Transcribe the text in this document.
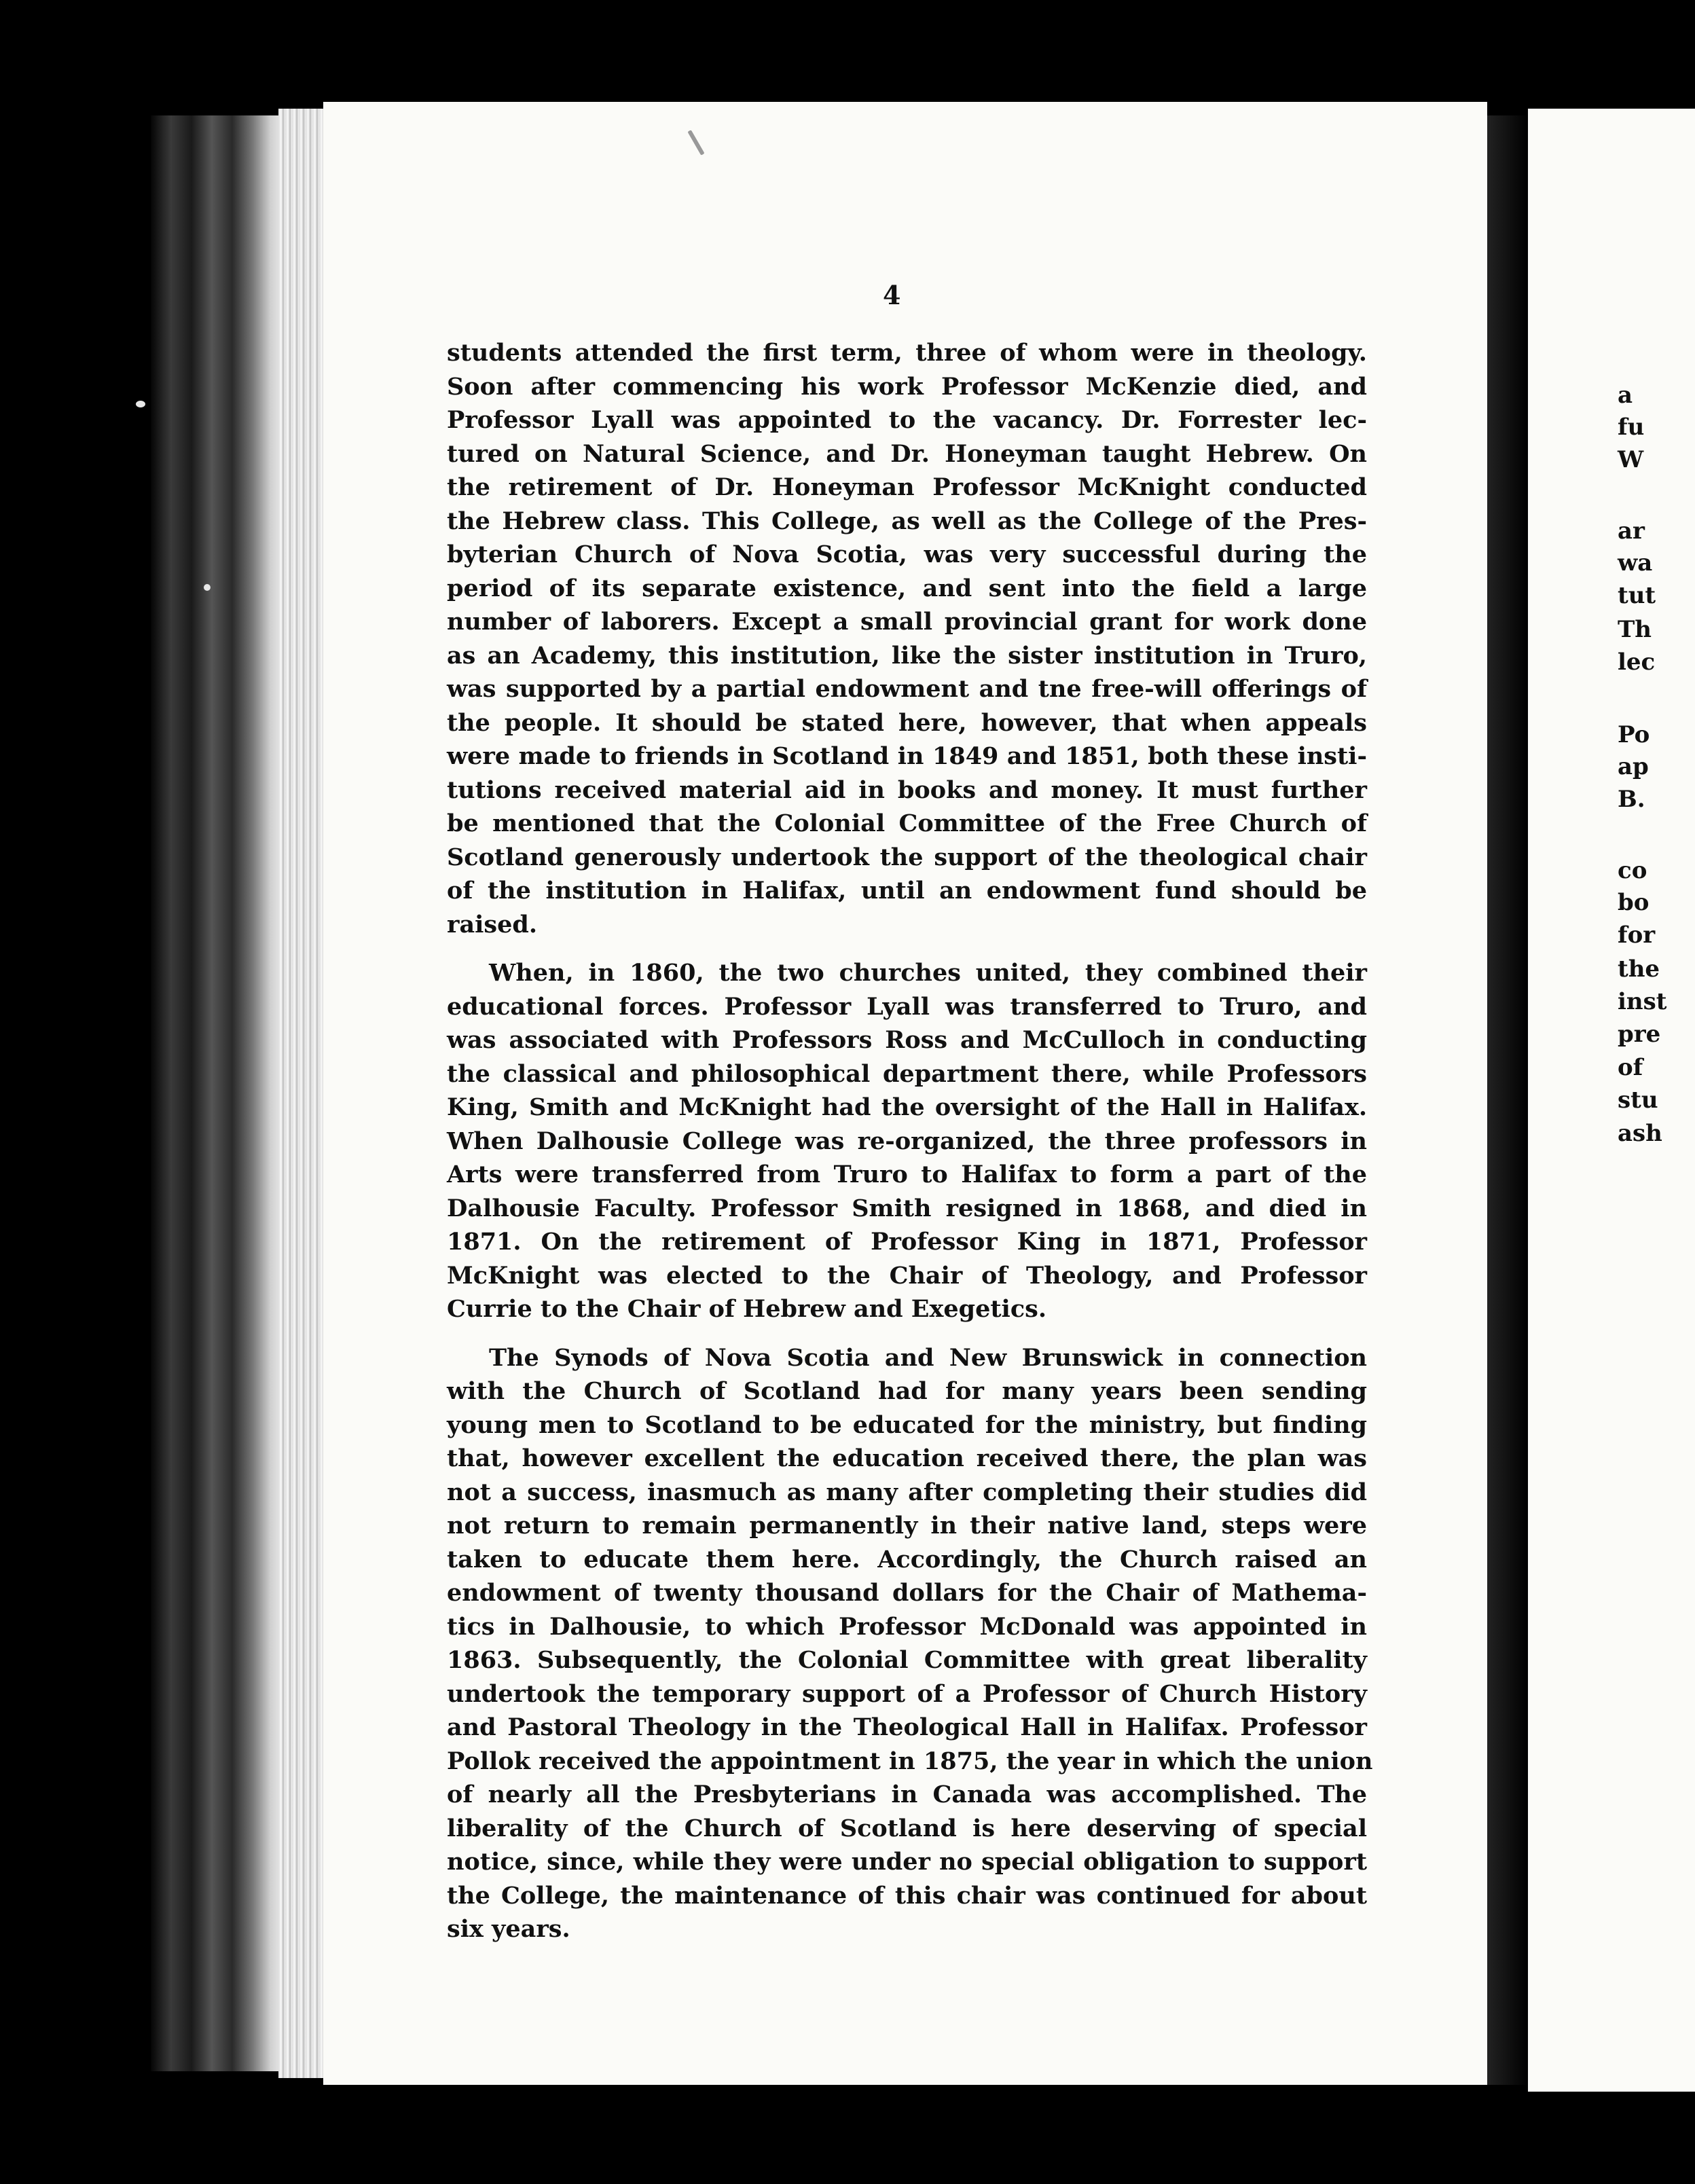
4
students attended the first term, three of whom were in theology.
Soon after commencing his work Professor McKenzie died, and
Professor Lyall was appointed to the vacancy. Dr. Forrester lec-
tured on Natural Science, and Dr. Honeyman taught Hebrew. On
the retirement of Dr. Honeyman Professor McKnight conducted
the Hebrew class. This College, as well as the College of the Pres-
byterian Church of Nova Scotia, was very successful during the
period of its separate existence, and sent into the field a large
number of laborers. Except a small provincial grant for work done
as an Academy, this institution, like the sister institution in Truro,
was supported by a partial endowment and tne free-will offerings of
the people. It should be stated here, however, that when appeals
were made to friends in Scotland in 1849 and 1851, both these insti-
tutions received material aid in books and money. It must further
be mentioned that the Colonial Committee of the Free Church of
Scotland generously undertook the support of the theological chair
of the institution in Halifax, until an endowment fund should be
raised.
When, in 1860, the two churches united, they combined their
educational forces. Professor Lyall was transferred to Truro, and
was associated with Professors Ross and McCulloch in conducting
the classical and philosophical department there, while Professors
King, Smith and McKnight had the oversight of the Hall in Halifax.
When Dalhousie College was re-organized, the three professors in
Arts were transferred from Truro to Halifax to form a part of the
Dalhousie Faculty. Professor Smith resigned in 1868, and died in
1871. On the retirement of Professor King in 1871, Professor
McKnight was elected to the Chair of Theology, and Professor
Currie to the Chair of Hebrew and Exegetics.
The Synods of Nova Scotia and New Brunswick in connection
with the Church of Scotland had for many years been sending
young men to Scotland to be educated for the ministry, but finding
that, however excellent the education received there, the plan was
not a success, inasmuch as many after completing their studies did
not return to remain permanently in their native land, steps were
taken to educate them here. Accordingly, the Church raised an
endowment of twenty thousand dollars for the Chair of Mathema-
tics in Dalhousie, to which Professor McDonald was appointed in
1863. Subsequently, the Colonial Committee with great liberality
undertook the temporary support of a Professor of Church History
and Pastoral Theology in the Theological Hall in Halifax. Professor
Pollok received the appointment in 1875, the year in which the union
of nearly all the Presbyterians in Canada was accomplished. The
liberality of the Church of Scotland is here deserving of special
notice, since, while they were under no special obligation to support
the College, the maintenance of this chair was continued for about
six years.
a
fu
W
ar
wa
tut
Th
lec
Po
ap
B.
co
bo
for
the
inst
pre
of
stu
ash
